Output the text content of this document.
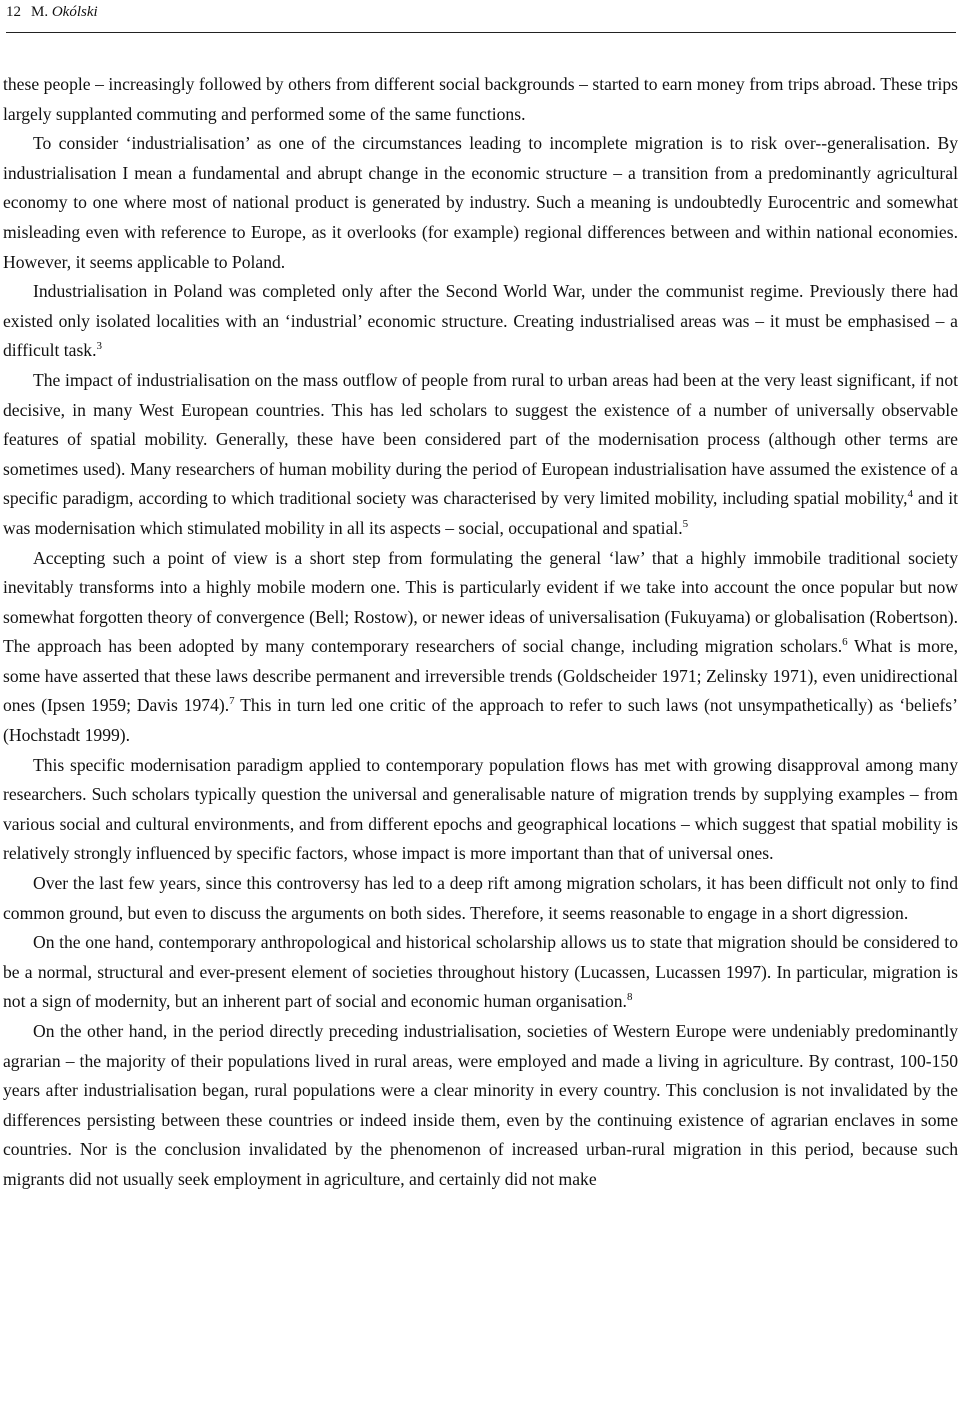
12 M. Okólski

these people – increasingly followed by others from different social backgrounds – started to earn money from trips abroad. These trips largely supplanted commuting and performed some of the same functions.

To consider ‘industrialisation’ as one of the circumstances leading to incomplete migration is to risk over--generalisation. By industrialisation I mean a fundamental and abrupt change in the economic structure – a transition from a predominantly agricultural economy to one where most of national product is generated by industry. Such a meaning is undoubtedly Eurocentric and somewhat misleading even with reference to Europe, as it overlooks (for example) regional differences between and within national economies. However, it seems applicable to Poland.

Industrialisation in Poland was completed only after the Second World War, under the communist regime. Previously there had existed only isolated localities with an ‘industrial’ economic structure. Creating industrialised areas was – it must be emphasised – a difficult task.$^3$

The impact of industrialisation on the mass outflow of people from rural to urban areas had been at the very least significant, if not decisive, in many West European countries. This has led scholars to suggest the existence of a number of universally observable features of spatial mobility. Generally, these have been considered part of the modernisation process (although other terms are sometimes used). Many researchers of human mobility during the period of European industrialisation have assumed the existence of a specific paradigm, according to which traditional society was characterised by very limited mobility, including spatial mobility,$^4$ and it was modernisation which stimulated mobility in all its aspects – social, occupational and spatial.$^5$

Accepting such a point of view is a short step from formulating the general ‘law’ that a highly immobile traditional society inevitably transforms into a highly mobile modern one. This is particularly evident if we take into account the once popular but now somewhat forgotten theory of convergence (Bell; Rostow), or newer ideas of universalisation (Fukuyama) or globalisation (Robertson). The approach has been adopted by many contemporary researchers of social change, including migration scholars.$^6$ What is more, some have asserted that these laws describe permanent and irreversible trends (Goldscheider 1971; Zelinsky 1971), even unidirectional ones (Ipsen 1959; Davis 1974).$^7$ This in turn led one critic of the approach to refer to such laws (not unsympathetically) as ‘beliefs’ (Hochstadt 1999).

This specific modernisation paradigm applied to contemporary population flows has met with growing disapproval among many researchers. Such scholars typically question the universal and generalisable nature of migration trends by supplying examples – from various social and cultural environments, and from different epochs and geographical locations – which suggest that spatial mobility is relatively strongly influenced by specific factors, whose impact is more important than that of universal ones.

Over the last few years, since this controversy has led to a deep rift among migration scholars, it has been difficult not only to find common ground, but even to discuss the arguments on both sides. Therefore, it seems reasonable to engage in a short digression.

On the one hand, contemporary anthropological and historical scholarship allows us to state that migration should be considered to be a normal, structural and ever-present element of societies throughout history (Lucassen, Lucassen 1997). In particular, migration is not a sign of modernity, but an inherent part of social and economic human organisation.$^8$

On the other hand, in the period directly preceding industrialisation, societies of Western Europe were undeniably predominantly agrarian – the majority of their populations lived in rural areas, were employed and made a living in agriculture. By contrast, 100-150 years after industrialisation began, rural populations were a clear minority in every country. This conclusion is not invalidated by the differences persisting between these countries or indeed inside them, even by the continuing existence of agrarian enclaves in some countries. Nor is the conclusion invalidated by the phenomenon of increased urban-rural migration in this period, because such migrants did not usually seek employment in agriculture, and certainly did not make
